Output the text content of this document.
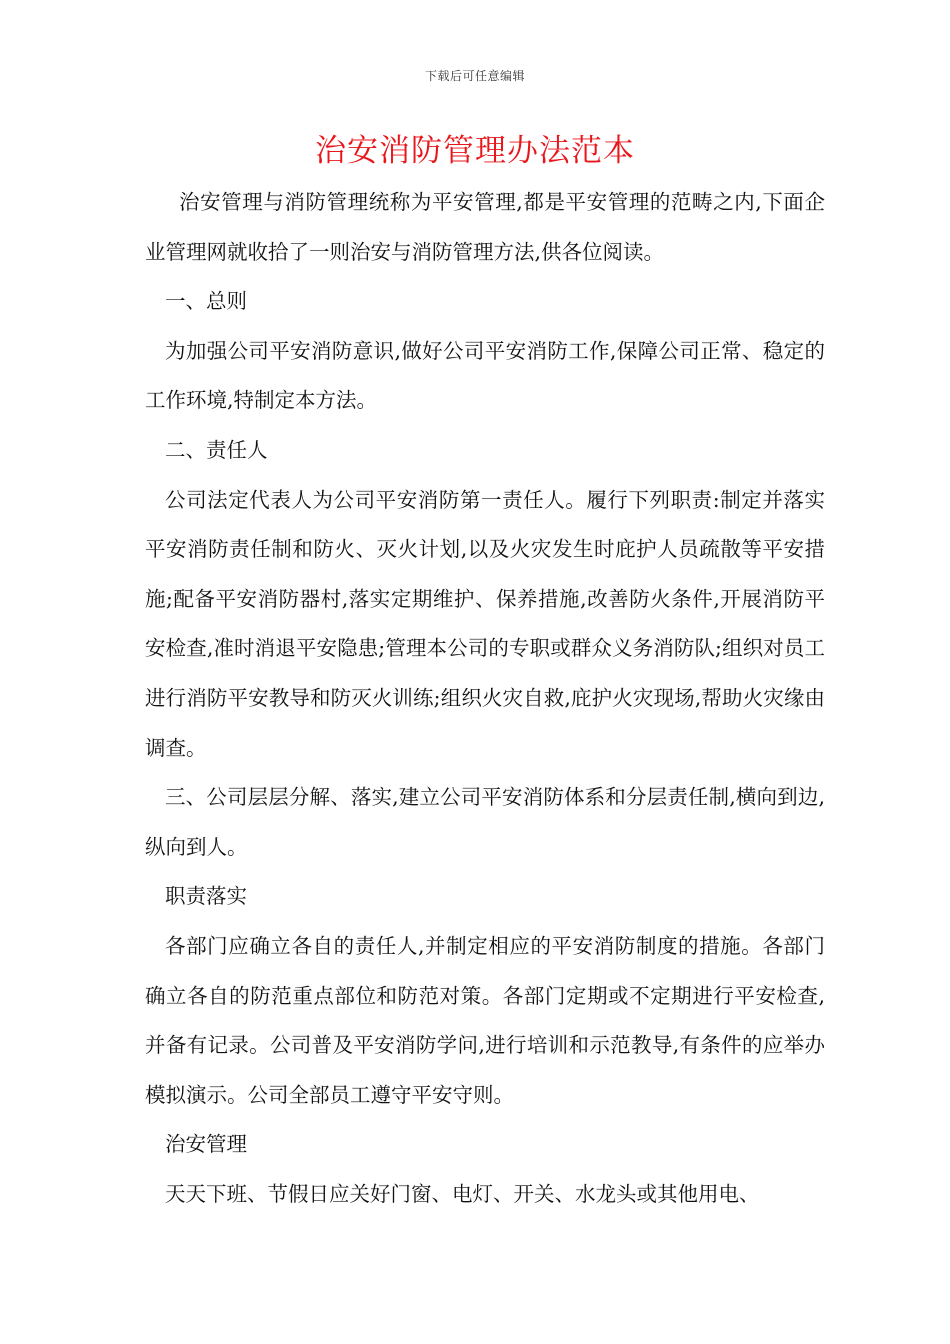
下载后可任意编辑
治安消防管理办法范本

治安管理与消防管理统称为平安管理,都是平安管理的范畴之内,下面企业管理网就收拾了一则治安与消防管理方法,供各位阅读。

一、总则

为加强公司平安消防意识,做好公司平安消防工作,保障公司正常、稳定的工作环境,特制定本方法。

二、责任人

公司法定代表人为公司平安消防第一责任人。履行下列职责:制定并落实平安消防责任制和防火、灭火计划,以及火灾发生时庇护人员疏散等平安措施;配备平安消防器村,落实定期维护、保养措施,改善防火条件,开展消防平安检查,准时消退平安隐患;管理本公司的专职或群众义务消防队;组织对员工进行消防平安教导和防灭火训练;组织火灾自救,庇护火灾现场,帮助火灾缘由调查。

三、公司层层分解、落实,建立公司平安消防体系和分层责任制,横向到边,纵向到人。

职责落实

各部门应确立各自的责任人,并制定相应的平安消防制度的措施。各部门确立各自的防范重点部位和防范对策。各部门定期或不定期进行平安检查,并备有记录。公司普及平安消防学问,进行培训和示范教导,有条件的应举办模拟演示。公司全部员工遵守平安守则。

治安管理

天天下班、节假日应关好门窗、电灯、开关、水龙头或其他用电、
